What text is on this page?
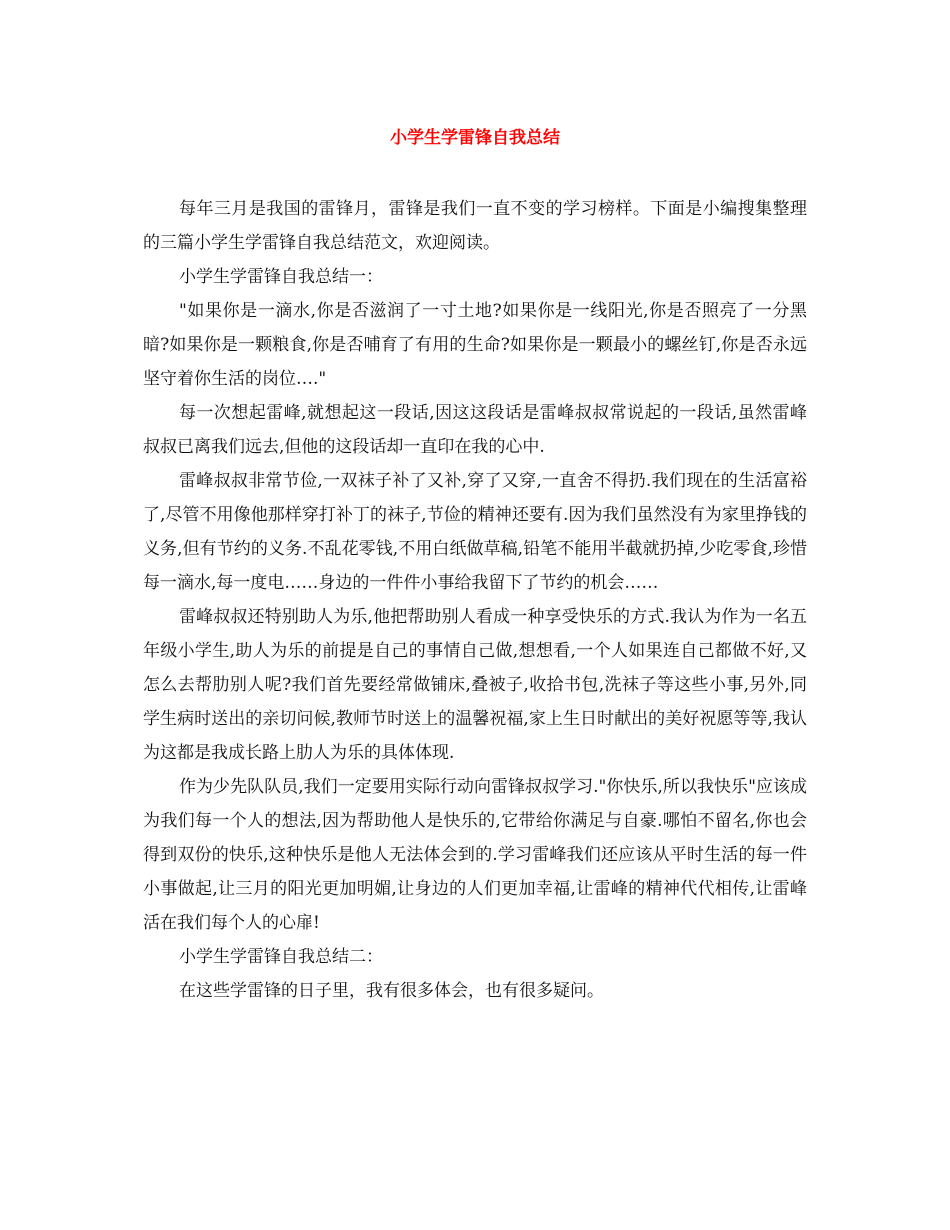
小学生学雷锋自我总结

每年三月是我国的雷锋月，雷锋是我们一直不变的学习榜样。下面是小编搜集整理的三篇小学生学雷锋自我总结范文，欢迎阅读。

小学生学雷锋自我总结一：

"如果你是一滴水,你是否滋润了一寸土地?如果你是一线阳光,你是否照亮了一分黑暗?如果你是一颗粮食,你是否哺育了有用的生命?如果你是一颗最小的螺丝钉,你是否永远坚守着你生活的岗位…."

每一次想起雷峰,就想起这一段话,因这这段话是雷峰叔叔常说起的一段话,虽然雷峰叔叔已离我们远去,但他的这段话却一直印在我的心中.

雷峰叔叔非常节俭,一双袜子补了又补,穿了又穿,一直舍不得扔.我们现在的生活富裕了,尽管不用像他那样穿打补丁的袜子,节俭的精神还要有.因为我们虽然没有为家里挣钱的义务,但有节约的义务.不乱花零钱,不用白纸做草稿,铅笔不能用半截就扔掉,少吃零食,珍惜每一滴水,每一度电……身边的一件件小事给我留下了节约的机会……

雷峰叔叔还特别助人为乐,他把帮助别人看成一种享受快乐的方式.我认为作为一名五年级小学生,助人为乐的前提是自己的事情自己做,想想看,一个人如果连自己都做不好,又怎么去帮肋别人呢?我们首先要经常做铺床,叠被子,收拾书包,洗袜子等这些小事,另外,同学生病时送出的亲切问候,教师节时送上的温馨祝福,家上生日时献出的美好祝愿等等,我认为这都是我成长路上肋人为乐的具体体现.

作为少先队队员,我们一定要用实际行动向雷锋叔叔学习."你快乐,所以我快乐"应该成为我们每一个人的想法,因为帮助他人是快乐的,它带给你满足与自豪.哪怕不留名,你也会得到双份的快乐,这种快乐是他人无法体会到的.学习雷峰我们还应该从平时生活的每一件小事做起,让三月的阳光更加明媚,让身边的人们更加幸福,让雷峰的精神代代相传,让雷峰活在我们每个人的心扉!

小学生学雷锋自我总结二：

在这些学雷锋的日子里，我有很多体会，也有很多疑问。
